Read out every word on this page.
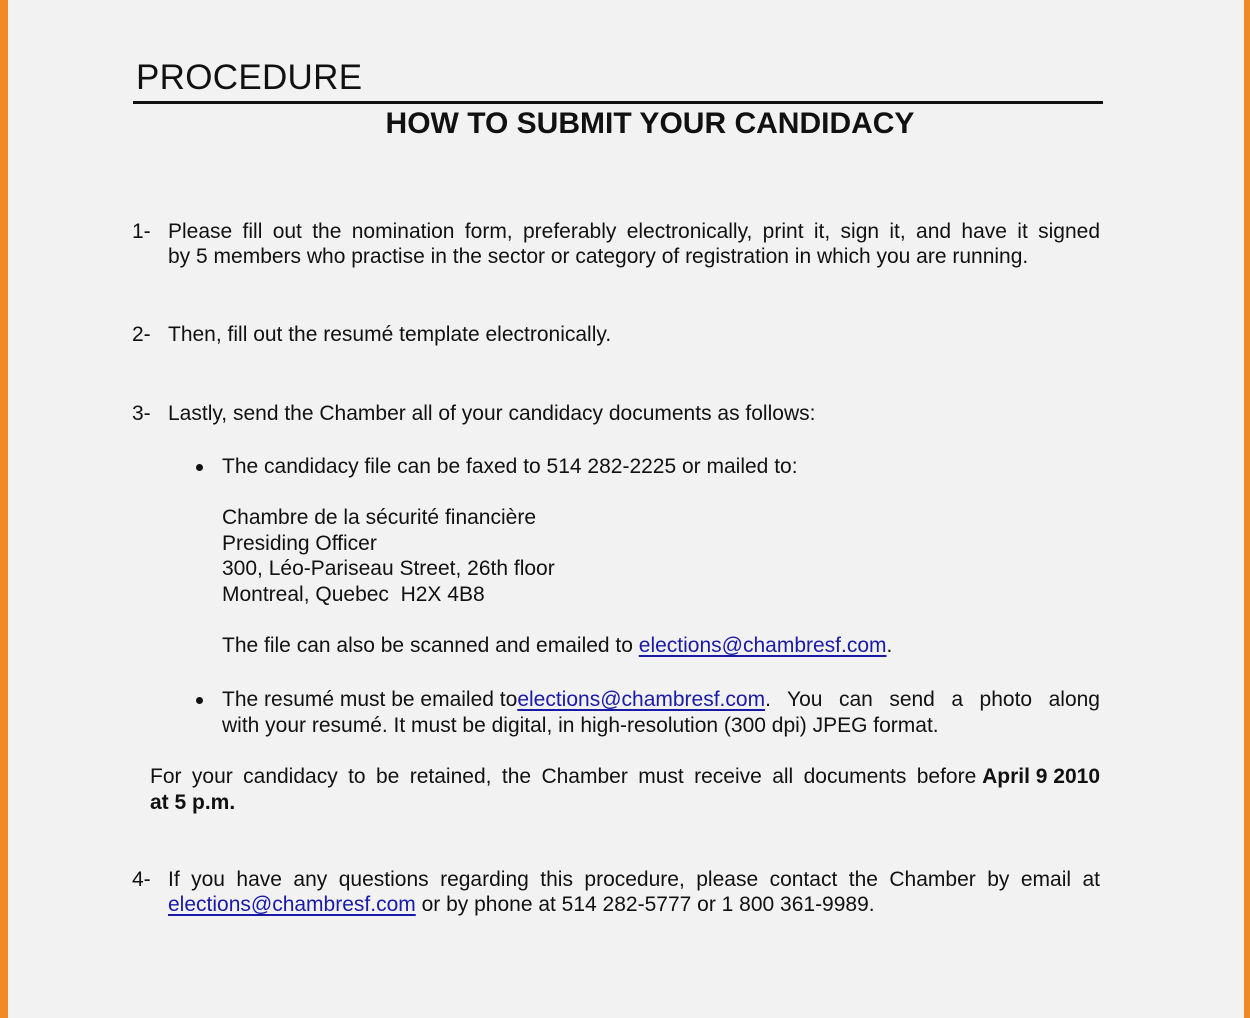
PROCEDURE
HOW TO SUBMIT YOUR CANDIDACY
1- Please fill out the nomination form, preferably electronically, print it, sign it, and have it signed
by 5 members who practise in the sector or category of registration in which you are running.
2- Then, fill out the resumé template electronically.
3- Lastly, send the Chamber all of your candidacy documents as follows:
The candidacy file can be faxed to 514 282-2225 or mailed to:
Chambre de la sécurité financière
Presiding Officer
300, Léo-Pariseau Street, 26th floor
Montreal, Quebec  H2X 4B8
The file can also be scanned and emailed to elections@chambresf.com.
The resumé must be emailed to elections@chambresf.com . You can send a photo along
with your resumé. It must be digital, in high-resolution (300 dpi) JPEG format.
For your candidacy to be retained, the Chamber must receive all documents before April 9 2010
at 5 p.m.
4- If you have any questions regarding this procedure, please contact the Chamber by email at
elections@chambresf.com or by phone at 514 282-5777 or 1 800 361-9989.
